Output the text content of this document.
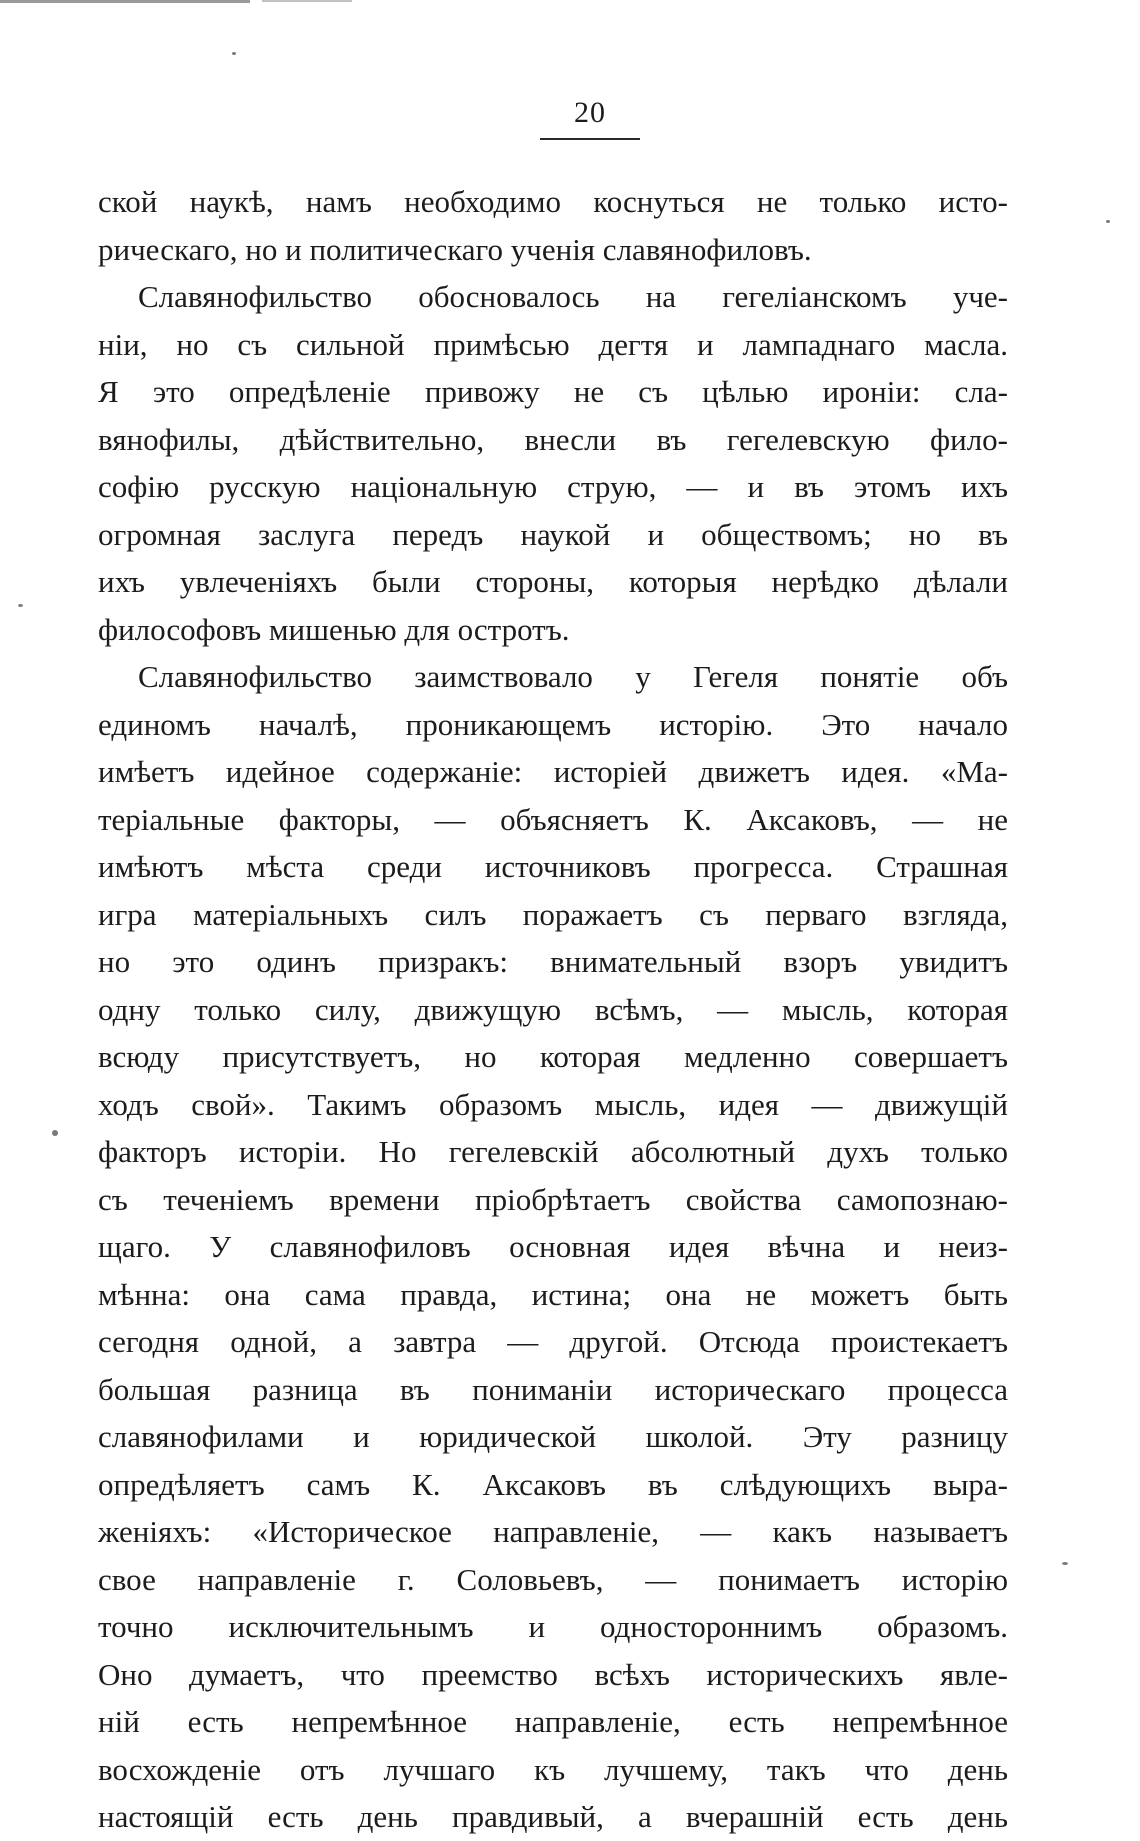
20
ской наукѣ, намъ необходимо коснуться не только исто-
рическаго, но и политическаго ученія славянофиловъ.
Славянофильство обосновалось на гегеліанскомъ уче-
ніи, но съ сильной примѣсью дегтя и лампаднаго масла.
Я это опредѣленіе привожу не съ цѣлью ироніи: сла-
вянофилы, дѣйствительно, внесли въ гегелевскую фило-
софію русскую національную струю, — и въ этомъ ихъ
огромная заслуга передъ наукой и обществомъ; но въ
ихъ увлеченіяхъ были стороны, которыя нерѣдко дѣлали
философовъ мишенью для остротъ.
Славянофильство заимствовало у Гегеля понятіе объ
единомъ началѣ, проникающемъ исторію. Это начало
имѣетъ идейное содержаніе: исторіей движетъ идея. «Ма-
теріальные факторы, — объясняетъ К. Аксаковъ, — не
имѣютъ мѣста среди источниковъ прогресса. Страшная
игра матеріальныхъ силъ поражаетъ съ перваго взгляда,
но это одинъ призракъ: внимательный взоръ увидитъ
одну только силу, движущую всѣмъ, — мысль, которая
всюду присутствуетъ, но которая медленно совершаетъ
ходъ свой». Такимъ образомъ мысль, идея — движущій
факторъ исторіи. Но гегелевскій абсолютный духъ только
съ теченіемъ времени пріобрѣтаетъ свойства самопознаю-
щаго. У славянофиловъ основная идея вѣчна и неиз-
мѣнна: она сама правда, истина; она не можетъ быть
сегодня одной, а завтра — другой. Отсюда проистекаетъ
большая разница въ пониманіи историческаго процесса
славянофилами и юридической школой. Эту разницу
опредѣляетъ самъ К. Аксаковъ въ слѣдующихъ выра-
женіяхъ: «Историческое направленіе, — какъ называетъ
свое направленіе г. Соловьевъ, — понимаетъ исторію
точно исключительнымъ и одностороннимъ образомъ.
Оно думаетъ, что преемство всѣхъ историческихъ явле-
ній есть непремѣнное направленіе, есть непремѣнное
восхожденіе отъ лучшаго къ лучшему, такъ что день
настоящій есть день правдивый, а вчерашній есть день
